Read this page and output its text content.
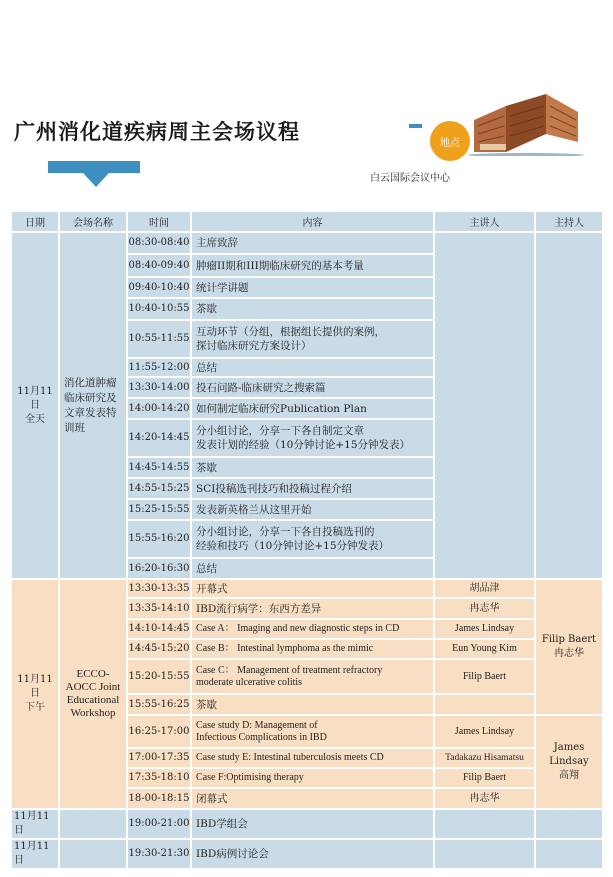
广州消化道疾病周主会场议程	地点
白云国际会议中心
日期	会场名称	时间	内容	主讲人	主持人
11月11日
全天	消化道肿瘤临床研究及文章发表特训班	08:30-08:40	主席致辞		
		08:40-09:40	肿瘤II期和III期临床研究的基本考量		
		09:40-10:40	统计学讲题		
		10:40-10:55	茶歇		
		10:55-11:55	互动环节（分组，根据组长提供的案例，
探讨临床研究方案设计）		
		11:55-12:00	总结		
		13:30-14:00	投石问路-临床研究之搜索篇		
		14:00-14:20	如何制定临床研究Publication Plan		
		14:20-14:45	分小组讨论，分享一下各自制定文章
发表计划的经验（10分钟讨论+15分钟发表）		
		14:45-14:55	茶歇		
		14:55-15:25	SCI投稿选刊技巧和投稿过程介绍		
		15:25-15:55	发表新英格兰从这里开始		
		15:55-16:20	分小组讨论，分享一下各自投稿选刊的
经验和技巧（10分钟讨论+15分钟发表）		
		16:20-16:30	总结		
11月11日
下午	ECCO-AOCC Joint Educational Workshop	13:30-13:35	开幕式	胡品津	Filip Baert
冉志华
		13:35-14:10	IBD流行病学：东西方差异	冉志华	
		14:10-14:45	Case A： Imaging and new diagnostic steps in CD	James Lindsay	
		14:45-15:20	Case B： Intestinal lymphoma as the mimic	Eun Young Kim	
		15:20-15:55	Case C： Management of treatment refractory
moderate ulcerative colitis	Filip Baert	
		15:55-16:25	茶歇		
		16:25-17:00	Case study D: Management of
Infectious Complications in IBD	James Lindsay	James Lindsay
高翔
		17:00-17:35	Case study E: Intestinal tuberculosis meets CD	Tadakazu Hisamatsu	
		17:35-18:10	Case F:Optimising therapy	Filip Baert	
		18-00-18:15	闭幕式	冉志华	
11月11日		19:00-21:00	IBD学组会		
11月11日		19:30-21:30	IBD病例讨论会		
